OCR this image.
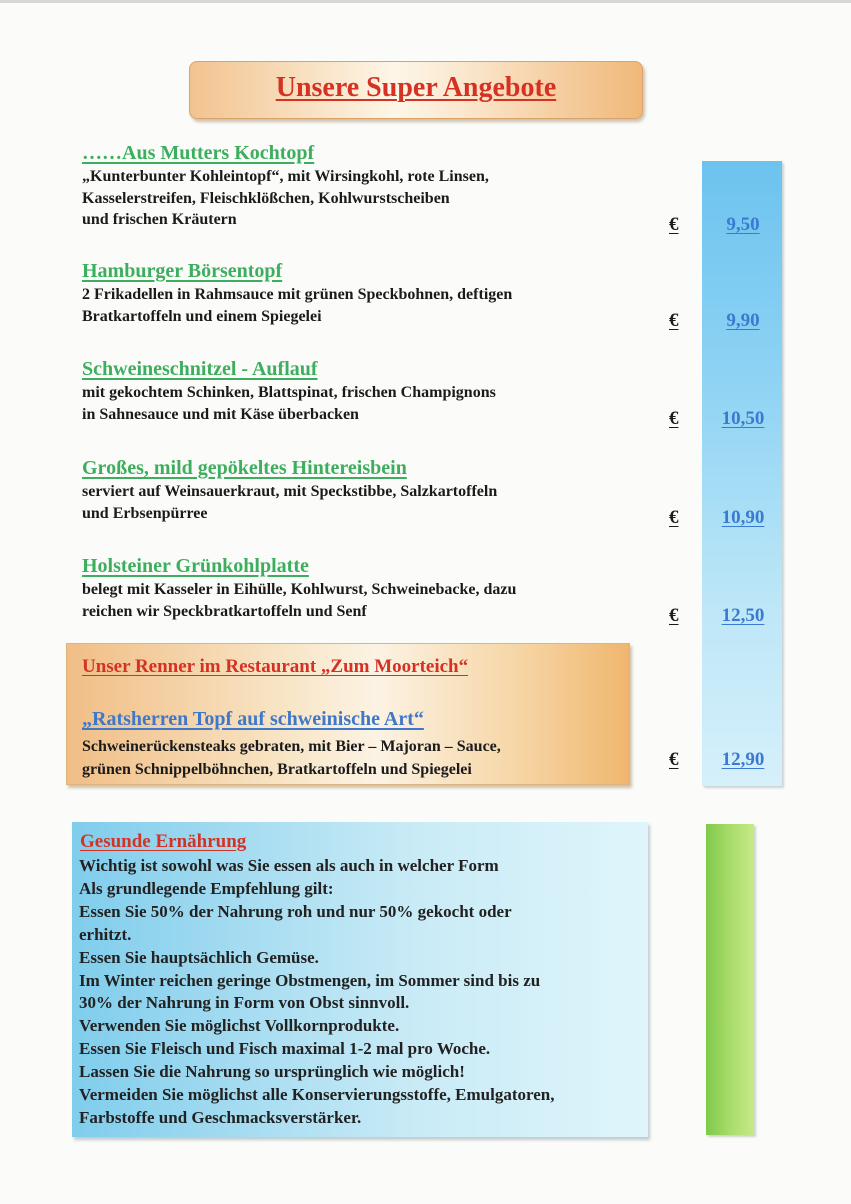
Unsere Super Angebote
……Aus Mutters Kochtopf
„Kunterbunter Kohleintopf“, mit Wirsingkohl, rote Linsen,
Kasselerstreifen, Fleischklößchen, Kohlwurstscheiben
und frischen Kräutern	€	9,50
Hamburger Börsentopf
2 Frikadellen in Rahmsauce mit grünen Speckbohnen, deftigen
Bratkartoffeln und einem Spiegelei	€	9,90
Schweineschnitzel - Auflauf
mit gekochtem Schinken, Blattspinat, frischen Champignons
in Sahnesauce und mit Käse überbacken	€	10,50
Großes, mild gepökeltes Hintereisbein
serviert auf Weinsauerkraut, mit Speckstibbe, Salzkartoffeln
und Erbsenpürree	€	10,90
Holsteiner Grünkohlplatte
belegt mit Kasseler in Eihülle, Kohlwurst, Schweinebacke, dazu
reichen wir Speckbratkartoffeln und Senf	€	12,50
Unser Renner im Restaurant „Zum Moorteich“
„Ratsherren Topf auf schweinische Art“
Schweinerückensteaks gebraten, mit Bier – Majoran – Sauce,
grünen Schnippelböhnchen, Bratkartoffeln und Spiegelei	€	12,90
Gesunde Ernährung
Wichtig ist sowohl was Sie essen als auch in welcher Form
Als grundlegende Empfehlung gilt:
Essen Sie 50% der Nahrung roh und nur 50% gekocht oder
erhitzt.
Essen Sie hauptsächlich Gemüse.
Im Winter reichen geringe Obstmengen, im Sommer sind bis zu
30% der Nahrung in Form von Obst sinnvoll.
Verwenden Sie möglichst Vollkornprodukte.
Essen Sie Fleisch und Fisch maximal 1-2 mal pro Woche.
Lassen Sie die Nahrung so ursprünglich wie möglich!
Vermeiden Sie möglichst alle Konservierungsstoffe, Emulgatoren,
Farbstoffe und Geschmacksverstärker.
